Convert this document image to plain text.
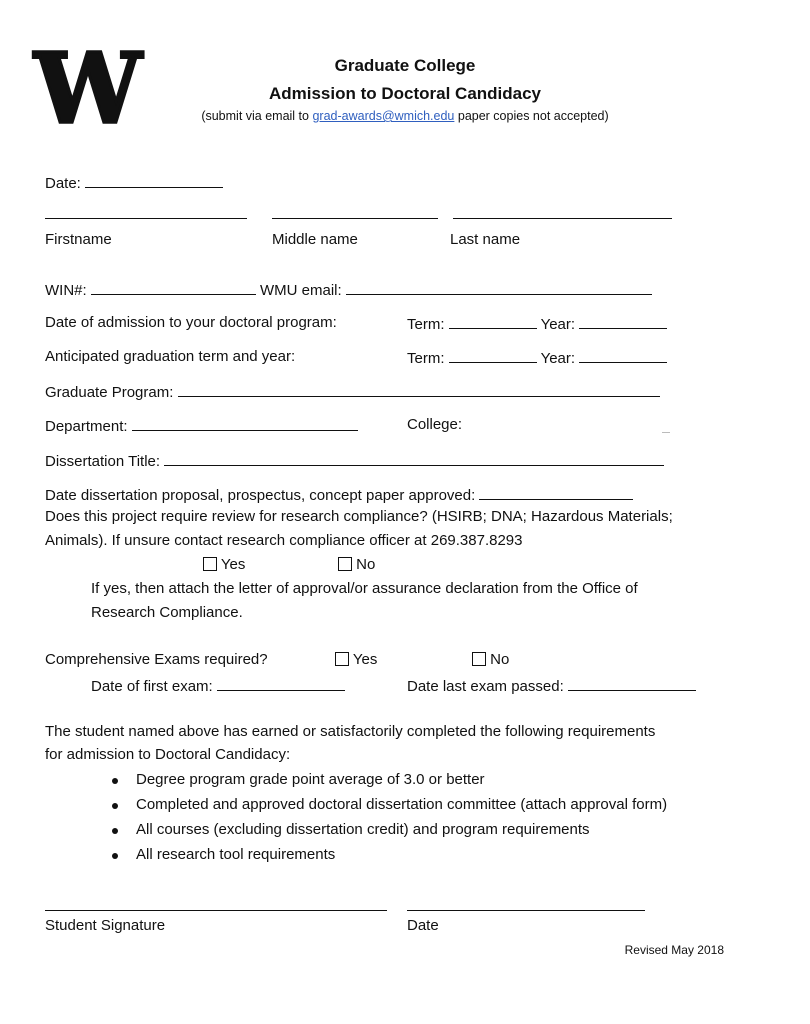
W	Graduate College
Admission to Doctoral Candidacy
(submit via email to grad-awards@wmich.edu paper copies not accepted)
Date:
Firstname	Middle name	Last name
WIN#:	WMU email:
Date of admission to your doctoral program:	Term:	Year:
Anticipated graduation term and year:	Term:	Year:
Graduate Program:
Department:	College:
Dissertation Title:
Date dissertation proposal, prospectus, concept paper approved:
Does this project require review for research compliance? (HSIRB; DNA; Hazardous Materials;
Animals). If unsure contact research compliance officer at 269.387.8293
Yes	No
If yes, then attach the letter of approval/or assurance declaration from the Office of
Research Compliance.
Comprehensive Exams required?	Yes	No
Date of first exam:	Date last exam passed:
The student named above has earned or satisfactorily completed the following requirements
for admission to Doctoral Candidacy:
Degree program grade point average of 3.0 or better
Completed and approved doctoral dissertation committee (attach approval form)
All courses (excluding dissertation credit) and program requirements
All research tool requirements
Student Signature	Date
Revised May 2018
